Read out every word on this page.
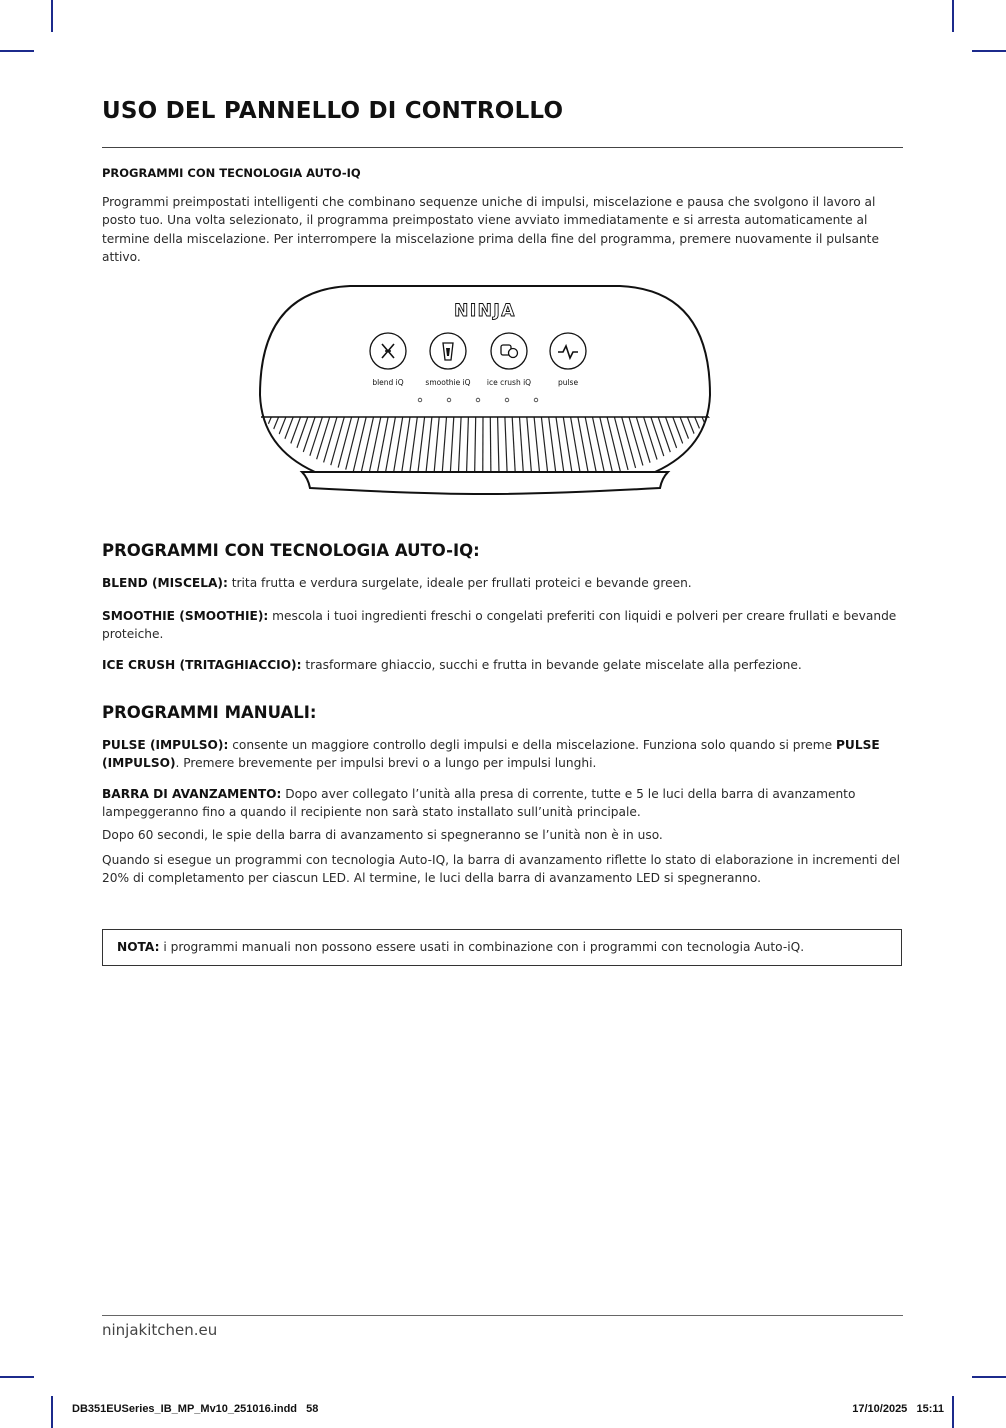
USO DEL PANNELLO DI CONTROLLO
PROGRAMMI CON TECNOLOGIA AUTO-IQ

Programmi preimpostati intelligenti che combinano sequenze uniche di impulsi, miscelazione e pausa che svolgono il lavoro al posto tuo. Una volta selezionato, il programma preimpostato viene avviato immediatamente e si arresta automaticamente al termine della miscelazione. Per interrompere la miscelazione prima della fine del programma, premere nuovamente il pulsante attivo.

NINJA
blend iQ	smoothie iQ ice crush iQ	pulse
PROGRAMMI CON TECNOLOGIA AUTO-IQ:

BLEND (MISCELA): trita frutta e verdura surgelate, ideale per frullati proteici e bevande green.

SMOOTHIE (SMOOTHIE): mescola i tuoi ingredienti freschi o congelati preferiti con liquidi e polveri per creare frullati e bevande proteiche.

ICE CRUSH (TRITAGHIACCIO): trasformare ghiaccio, succhi e frutta in bevande gelate miscelate alla perfezione.

PROGRAMMI MANUALI:

PULSE (IMPULSO): consente un maggiore controllo degli impulsi e della miscelazione. Funziona solo quando si preme PULSE (IMPULSO). Premere brevemente per impulsi brevi o a lungo per impulsi lunghi.

BARRA DI AVANZAMENTO: Dopo aver collegato l’unità alla presa di corrente, tutte e 5 le luci della barra di avanzamento lampeggeranno fino a quando il recipiente non sarà stato installato sull’unità principale.

Dopo 60 secondi, le spie della barra di avanzamento si spegneranno se l’unità non è in uso.

Quando si esegue un programmi con tecnologia Auto-IQ, la barra di avanzamento riflette lo stato di elaborazione in incrementi del 20% di completamento per ciascun LED. Al termine, le luci della barra di avanzamento LED si spegneranno.

NOTA: i programmi manuali non possono essere usati in combinazione con i programmi con tecnologia Auto-iQ.
ninjakitchen.eu
DB351EUSeries_IB_MP_Mv10_251016.indd   58	17/10/2025   15:11
